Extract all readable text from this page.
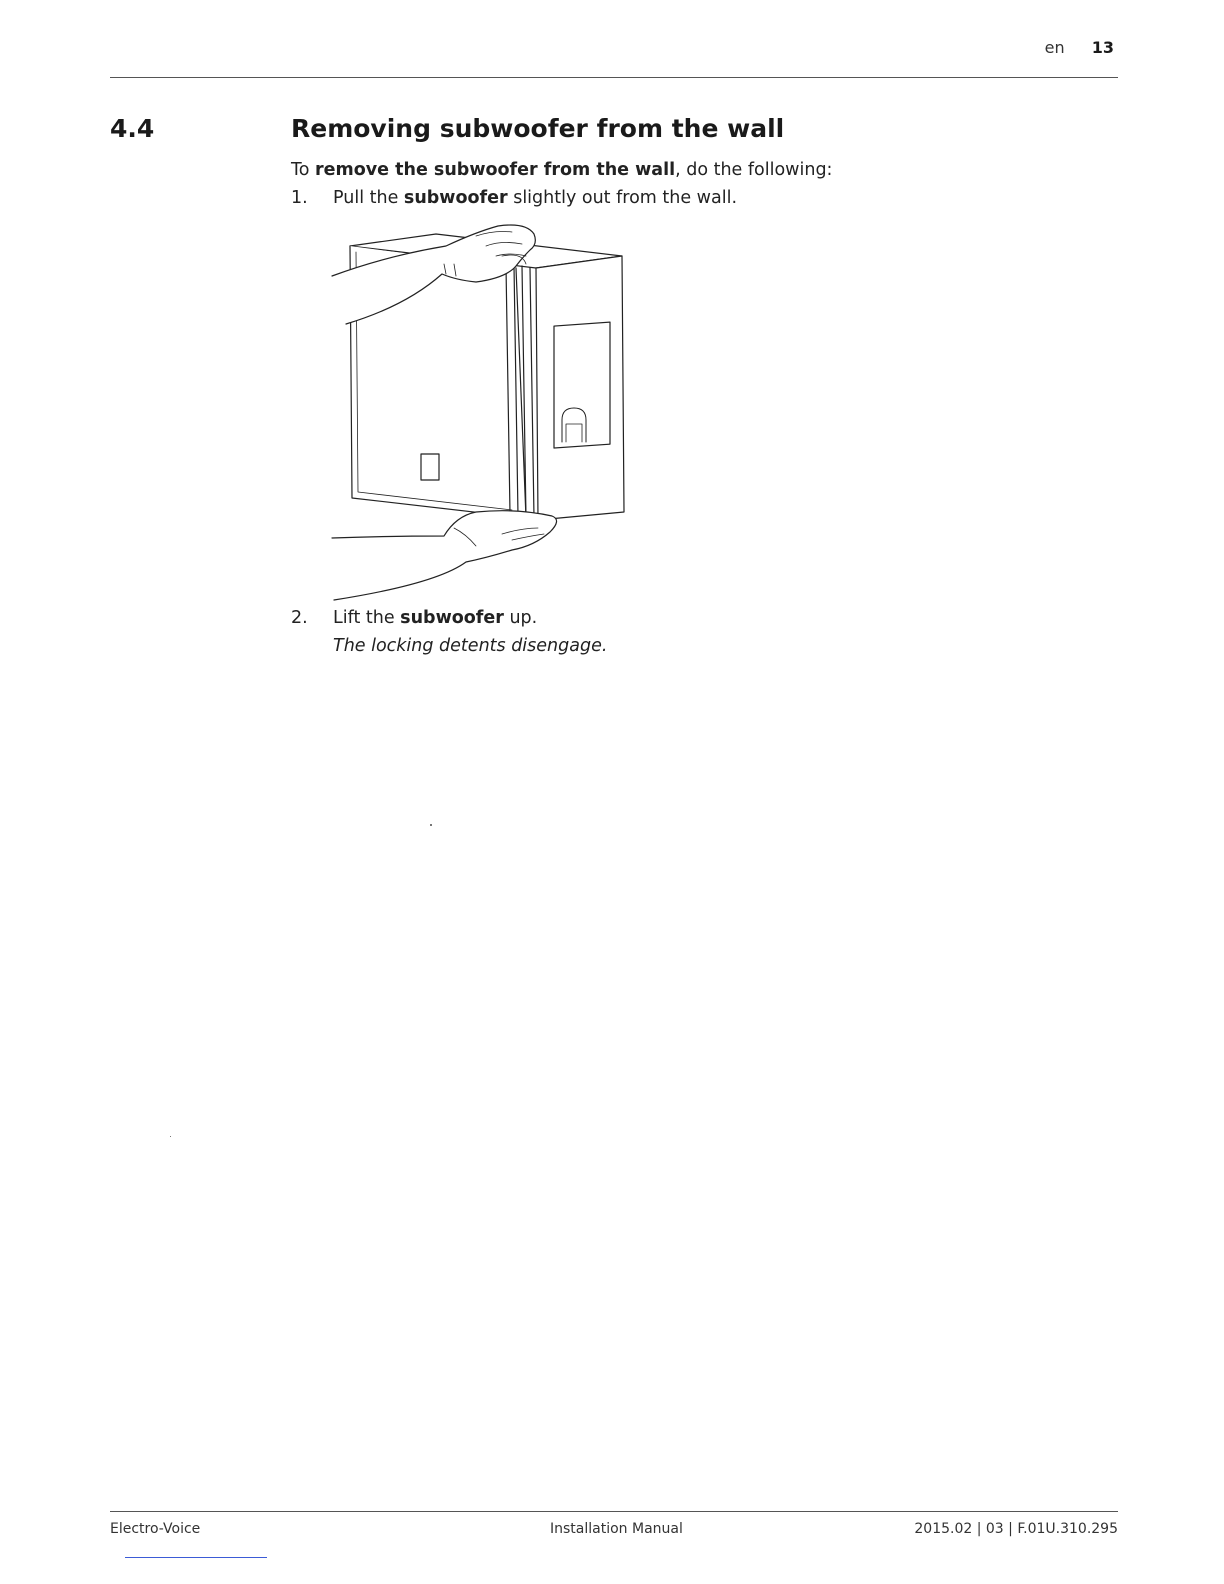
en 13
4.4	Removing subwoofer from the wall
To remove the subwoofer from the wall, do the following:
1. Pull the subwoofer slightly out from the wall.
2. Lift the subwoofer up.
The locking detents disengage.
Electro-Voice	Installation Manual	2015.02 | 03 | F.01U.310.295
